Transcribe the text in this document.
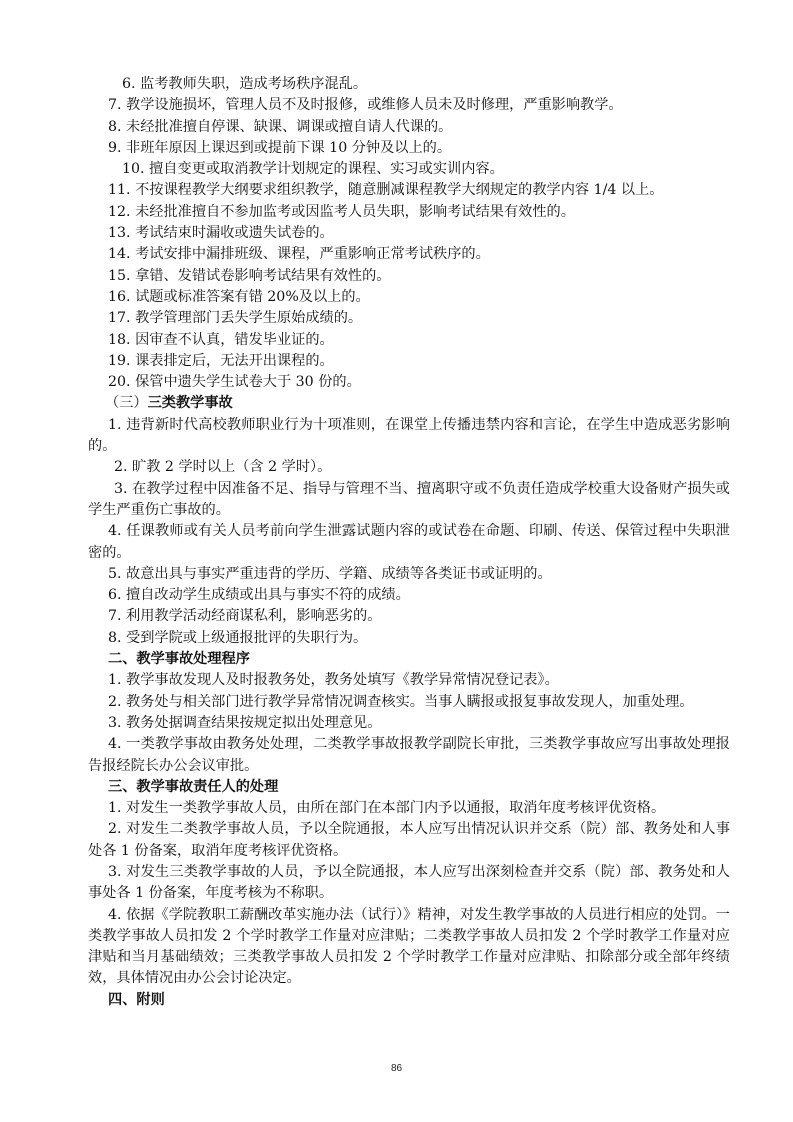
6. 监考教师失职，造成考场秩序混乱。

7. 教学设施损坏，管理人员不及时报修，或维修人员未及时修理，严重影响教学。

8. 未经批准擅自停课、缺课、调课或擅自请人代课的。

9. 非班年原因上课迟到或提前下课 10 分钟及以上的。

10. 擅自变更或取消教学计划规定的课程、实习或实训内容。

11. 不按课程教学大纲要求组织教学，随意删减课程教学大纲规定的教学内容 1/4 以上。

12. 未经批准擅自不参加监考或因监考人员失职，影响考试结果有效性的。

13. 考试结束时漏收或遗失试卷的。

14. 考试安排中漏排班级、课程，严重影响正常考试秩序的。

15. 拿错、发错试卷影响考试结果有效性的。

16. 试题或标准答案有错 20%及以上的。

17. 教学管理部门丢失学生原始成绩的。

18. 因审查不认真，错发毕业证的。

19. 课表排定后，无法开出课程的。

20. 保管中遗失学生试卷大于 30 份的。

（三）三类教学事故

1. 违背新时代高校教师职业行为十项准则，在课堂上传播违禁内容和言论，在学生中造成恶劣影响的。

2. 旷教 2 学时以上（含 2 学时）。

3. 在教学过程中因准备不足、指导与管理不当、擅离职守或不负责任造成学校重大设备财产损失或学生严重伤亡事故的。

4. 任课教师或有关人员考前向学生泄露试题内容的或试卷在命题、印刷、传送、保管过程中失职泄密的。

5. 故意出具与事实严重违背的学历、学籍、成绩等各类证书或证明的。

6. 擅自改动学生成绩或出具与事实不符的成绩。

7. 利用教学活动经商谋私利，影响恶劣的。

8. 受到学院或上级通报批评的失职行为。

二、教学事故处理程序

1. 教学事故发现人及时报教务处，教务处填写《教学异常情况登记表》。

2. 教务处与相关部门进行教学异常情况调查核实。当事人瞒报或报复事故发现人，加重处理。

3. 教务处据调查结果按规定拟出处理意见。

4. 一类教学事故由教务处处理，二类教学事故报教学副院长审批，三类教学事故应写出事故处理报告报经院长办公会议审批。

三、教学事故责任人的处理

1. 对发生一类教学事故人员，由所在部门在本部门内予以通报，取消年度考核评优资格。

2. 对发生二类教学事故人员，予以全院通报，本人应写出情况认识并交系（院）部、教务处和人事处各 1 份备案，取消年度考核评优资格。

3. 对发生三类教学事故的人员，予以全院通报，本人应写出深刻检查并交系（院）部、教务处和人事处各 1 份备案，年度考核为不称职。

4. 依据《学院教职工薪酬改革实施办法（试行）》精神，对发生教学事故的人员进行相应的处罚。一类教学事故人员扣发 2 个学时教学工作量对应津贴；二类教学事故人员扣发 2 个学时教学工作量对应津贴和当月基础绩效；三类教学事故人员扣发 2 个学时教学工作量对应津贴、扣除部分或全部年终绩效，具体情况由办公会讨论决定。

四、附则

86
